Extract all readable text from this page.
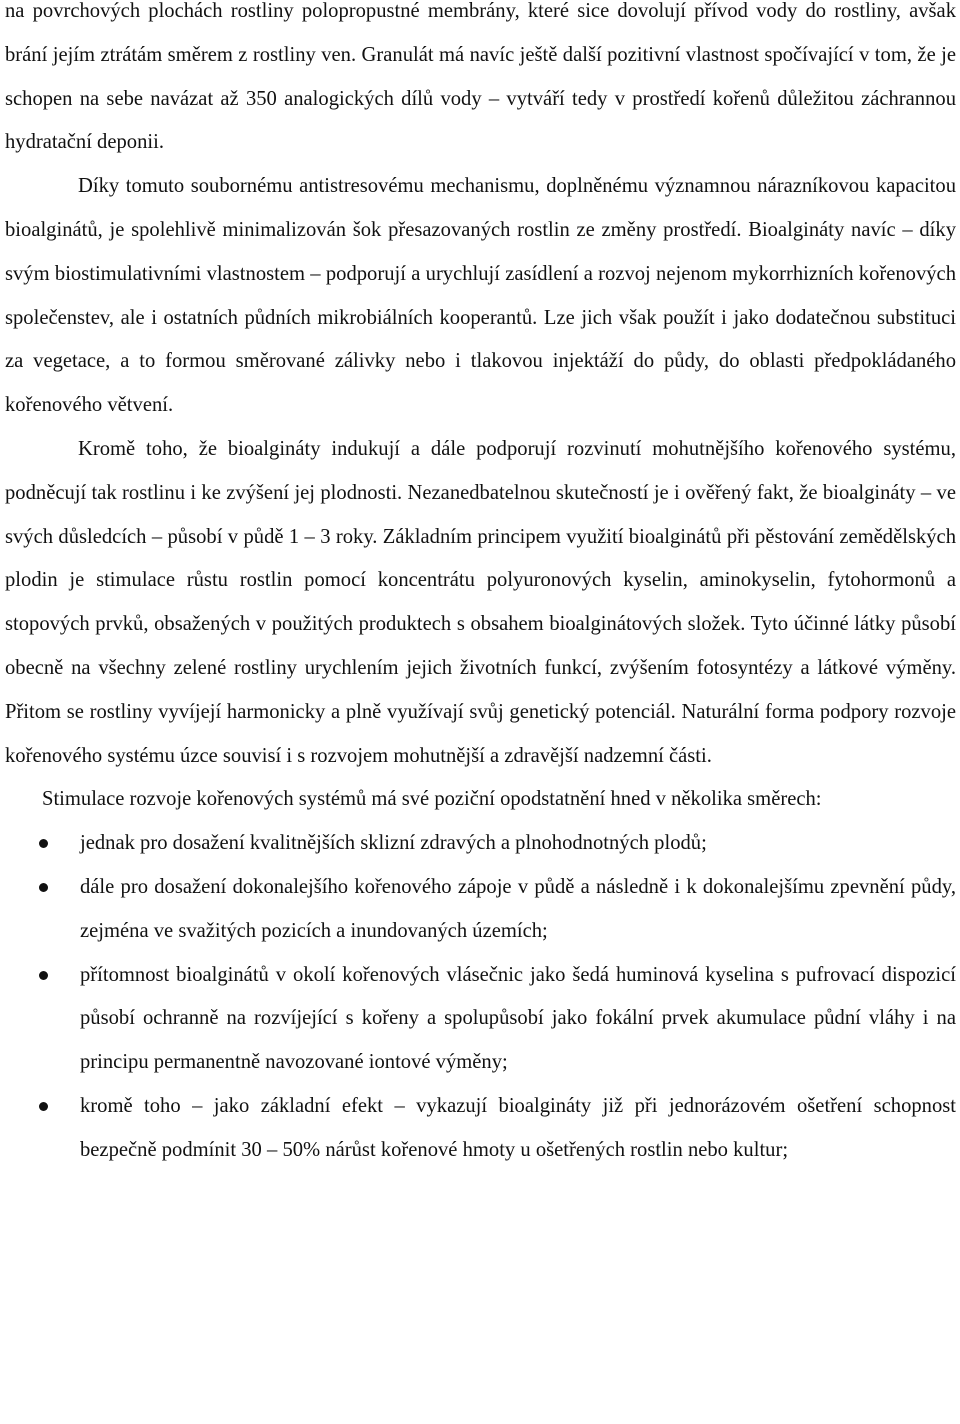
na povrchových plochách rostliny polopropustné membrány, které sice dovolují přívod vody do rostliny, avšak brání jejím ztrátám směrem z rostliny ven. Granulát má navíc ještě další pozitivní vlastnost spočívající v tom, že je schopen na sebe navázat až 350 analogických dílů vody – vytváří tedy v prostředí kořenů důležitou záchrannou hydratační deponii.

Díky tomuto soubornému antistresovému mechanismu, doplněnému významnou nárazníkovou kapacitou bioalginátů, je spolehlivě minimalizován šok přesazovaných rostlin ze změny prostředí. Bioalgináty navíc – díky svým biostimulativními vlastnostem – podporují a urychlují zasídlení a rozvoj nejenom mykorrhizních kořenových společenstev, ale i ostatních půdních mikrobiálních kooperantů. Lze jich však použít i jako dodatečnou substituci za vegetace, a to formou směrované zálivky nebo i tlakovou injektáží do půdy, do oblasti předpokládaného kořenového větvení.

Kromě toho, že bioalgináty indukují a dále podporují rozvinutí mohutnějšího kořenového systému, podněcují tak rostlinu i ke zvýšení jej plodnosti. Nezanedbatelnou skutečností je i ověřený fakt, že bioalgináty – ve svých důsledcích – působí v půdě 1 – 3 roky. Základním principem využití bioalginátů při pěstování zemědělských plodin je stimulace růstu rostlin pomocí koncentrátu polyuronových kyselin, aminokyselin, fytohormonů a stopových prvků, obsažených v použitých produktech s obsahem bioalginátových složek. Tyto účinné látky působí obecně na všechny zelené rostliny urychlením jejich životních funkcí, zvýšením fotosyntézy a látkové výměny. Přitom se rostliny vyvíjejí harmonicky a plně využívají svůj genetický potenciál. Naturální forma podpory rozvoje kořenového systému úzce souvisí i s rozvojem mohutnější a zdravější nadzemní části.

Stimulace rozvoje kořenových systémů má své poziční opodstatnění hned v několika směrech:

jednak pro dosažení kvalitnějších sklizní zdravých a plnohodnotných plodů;
dále pro dosažení dokonalejšího kořenového zápoje v půdě a následně i k dokonalejšímu zpevnění půdy, zejména ve svažitých pozicích a inundovaných územích;
přítomnost bioalginátů v okolí kořenových vlásečnic jako šedá huminová kyselina s pufrovací dispozicí působí ochranně na rozvíjející s kořeny a spolupůsobí jako fokální prvek akumulace půdní vláhy i na principu permanentně navozované iontové výměny;
kromě toho – jako základní efekt – vykazují bioalgináty již při jednorázovém ošetření schopnost bezpečně podmínit 30 – 50% nárůst kořenové hmoty u ošetřených rostlin nebo kultur;
